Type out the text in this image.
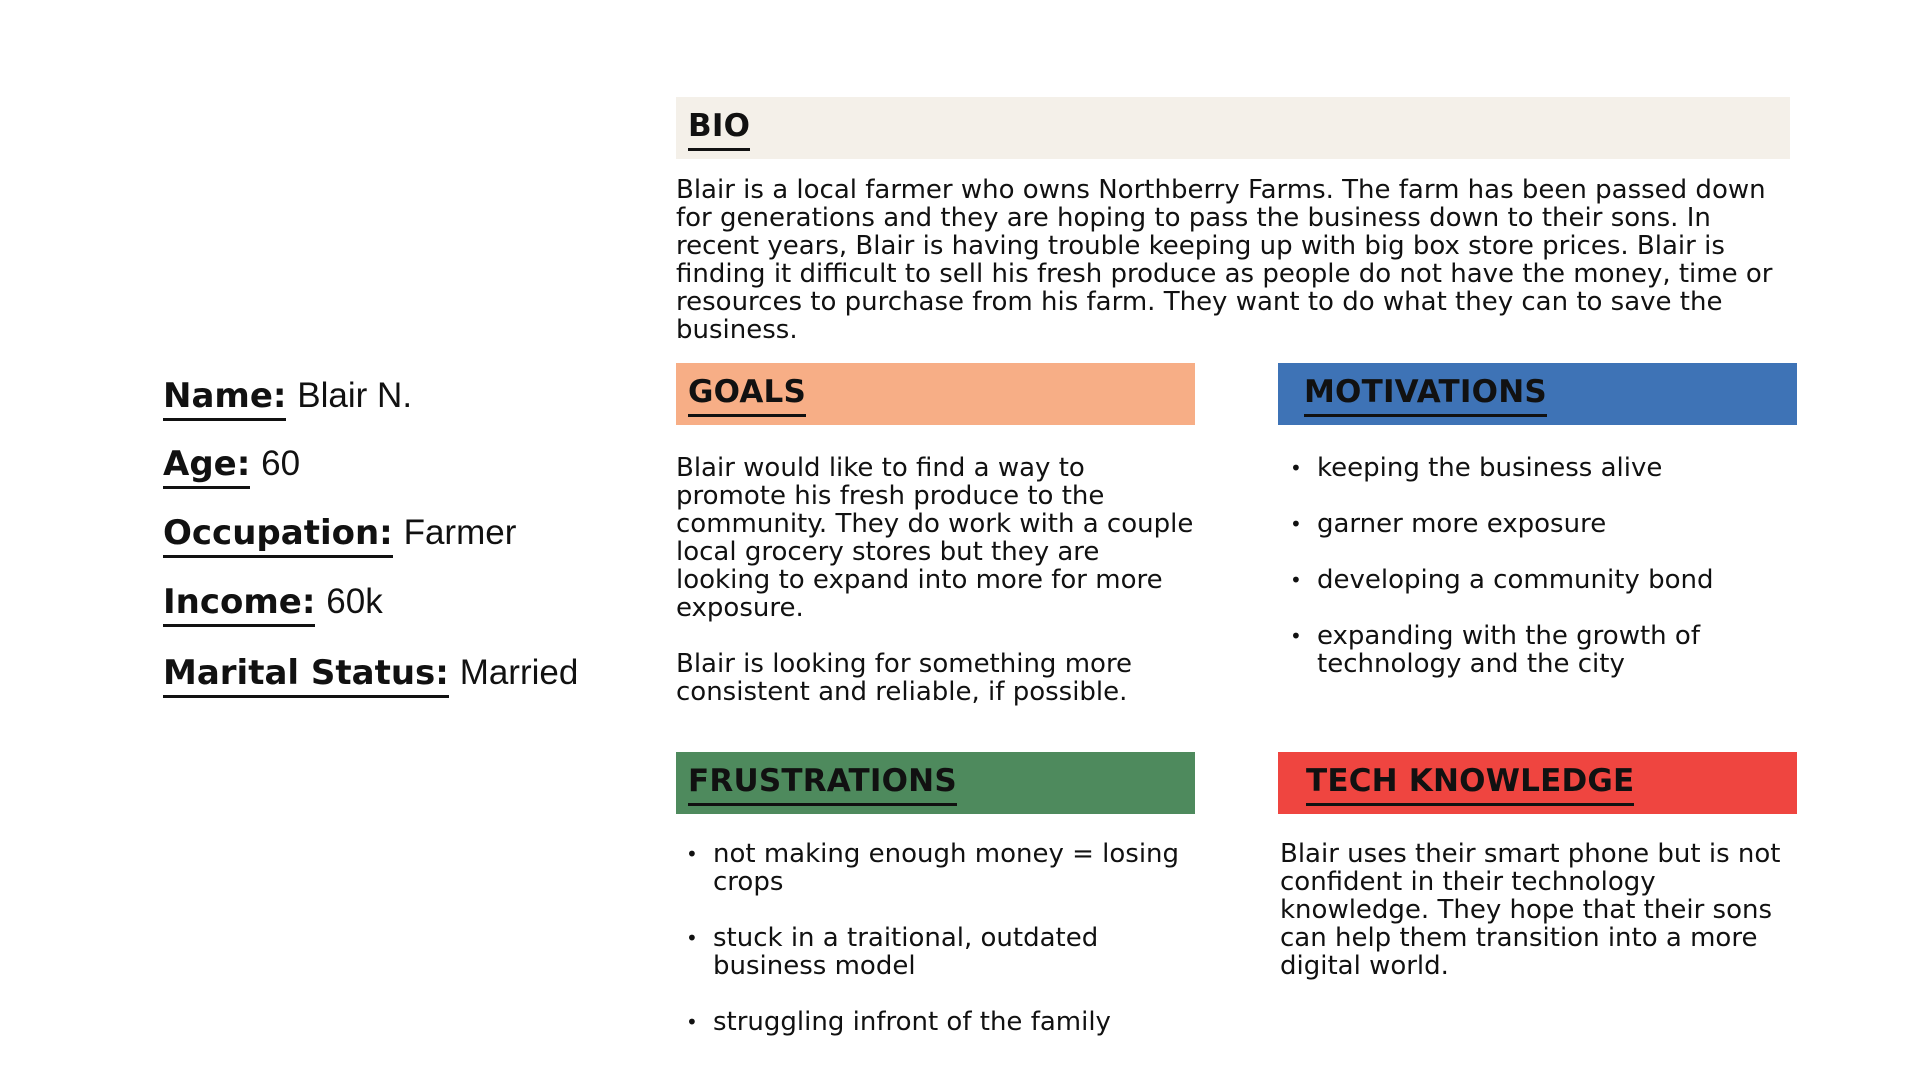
Name: Blair N.
Age: 60
Occupation: Farmer
Income: 60k
Marital Status: Married
BIO
Blair is a local farmer who owns Northberry Farms. The farm has been passed down for generations and they are hoping to pass the business down to their sons. In recent years, Blair is having trouble keeping up with big box store prices. Blair is finding it difficult to sell his fresh produce as people do not have the money, time or resources to purchase from his farm. They want to do what they can to save the business.
GOALS

Blair would like to find a way to promote his fresh produce to the community. They do work with a couple local grocery stores but they are looking to expand into more for more exposure.

Blair is looking for something more consistent and reliable, if possible.

MOTIVATIONS
• keeping the business alive
• garner more exposure
• developing a community bond
• expanding with the growth of technology and the city
FRUSTRATIONS
• not making enough money = losing crops
• stuck in a traitional, outdated business model
• struggling infront of the family
TECH KNOWLEDGE
Blair uses their smart phone but is not confident in their technology knowledge. They hope that their sons can help them transition into a more digital world.
